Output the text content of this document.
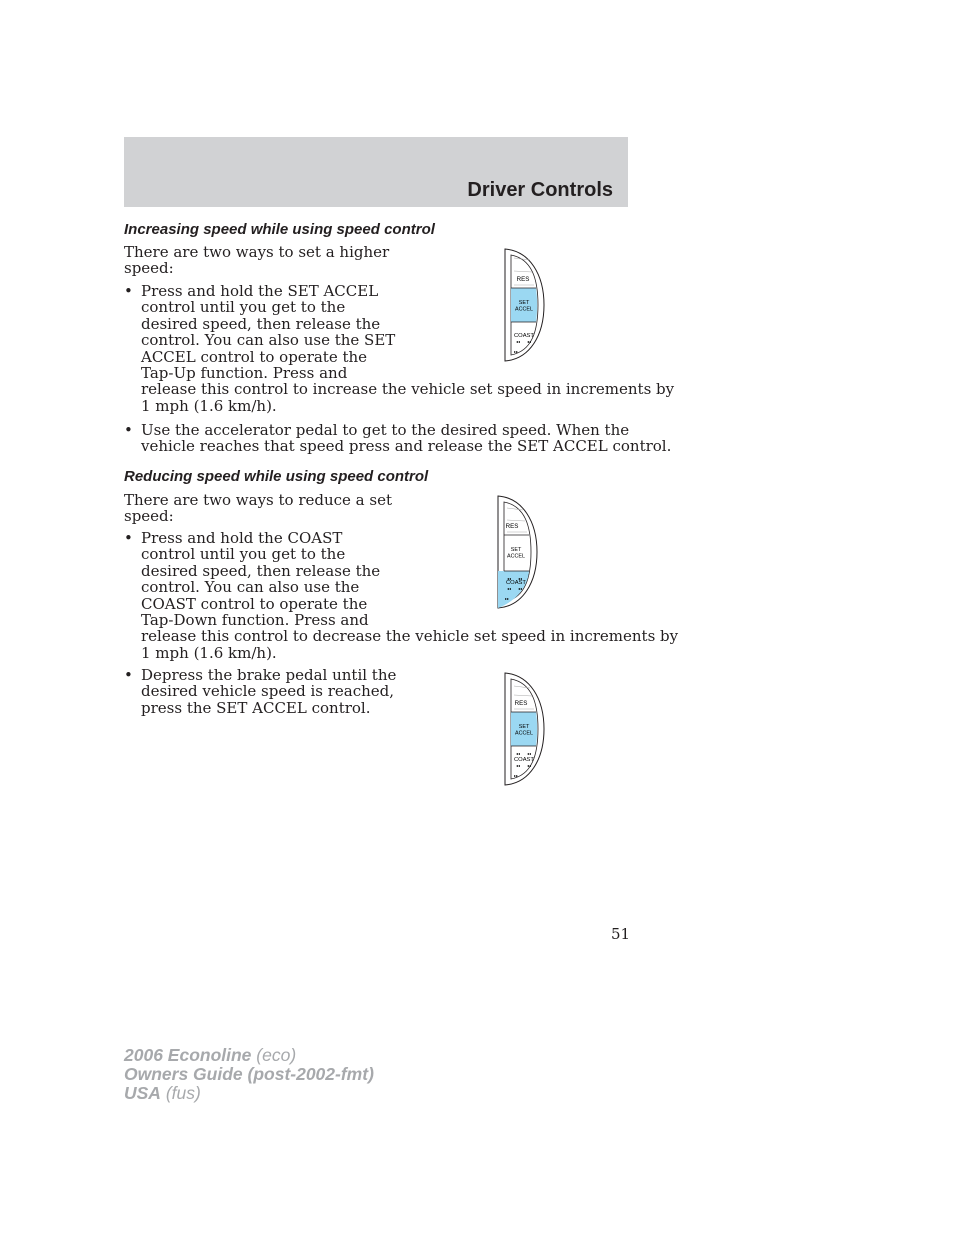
Driver Controls
Increasing speed while using speed control
There are two ways to set a higher
speed:
• Press and hold the SET ACCEL
control until you get to the
desired speed, then release the
control. You can also use the SET
ACCEL control to operate the
Tap-Up function. Press and
release this control to increase the vehicle set speed in increments by
1 mph (1.6 km/h).
• Use the accelerator pedal to get to the desired speed. When the
vehicle reaches that speed press and release the SET ACCEL control.
Reducing speed while using speed control
There are two ways to reduce a set
speed:
• Press and hold the COAST
control until you get to the
desired speed, then release the
control. You can also use the
COAST control to operate the
Tap-Down function. Press and
release this control to decrease the vehicle set speed in increments by
1 mph (1.6 km/h).
• Depress the brake pedal until the
desired vehicle speed is reached,
press the SET ACCEL control.
RES
SET
ACCEL
COAST
◂◂ ◂◂
▸▸
RES
SET
ACCEL
COAST
◂◂ ◂◂
◂◂ ◂◂
▸▸
RES
SET
ACCEL
COAST
◂◂ ◂◂
◂◂ ◂◂
▸▸
51
2006 Econoline (eco)
Owners Guide (post-2002-fmt)
USA (fus)
